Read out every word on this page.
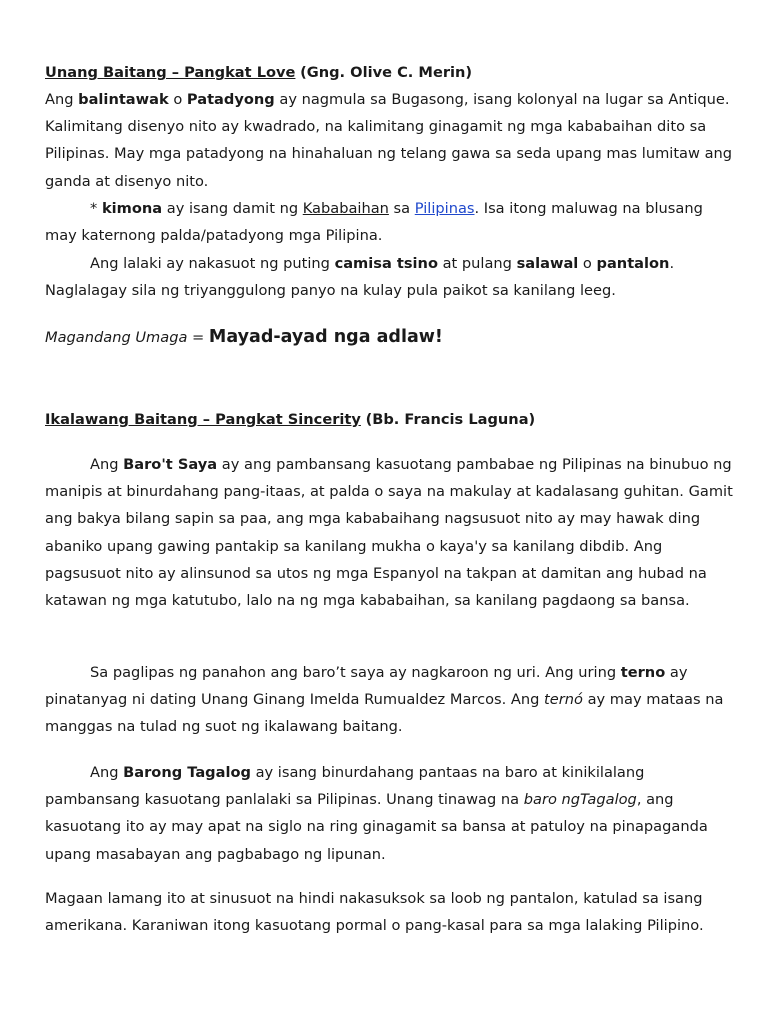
Unang Baitang – Pangkat Love (Gng. Olive C. Merin)

Ang balintawak o Patadyong ay nagmula sa Bugasong, isang kolonyal na lugar sa Antique. Kalimitang disenyo nito ay kwadrado, na kalimitang ginagamit ng mga kababaihan dito sa Pilipinas. May mga patadyong na hinahaluan ng telang gawa sa seda upang mas lumitaw ang ganda at disenyo nito.

* kimona ay isang damit ng Kababaihan sa Pilipinas. Isa itong maluwag na blusang may katernong palda/patadyong mga Pilipina.

Ang lalaki ay nakasuot ng puting camisa tsino at pulang salawal o pantalon. Naglalagay sila ng triyanggulong panyo na kulay pula paikot sa kanilang leeg.

Magandang Umaga = Mayad-ayad nga adlaw!

Ikalawang Baitang – Pangkat Sincerity (Bb. Francis Laguna)

Ang Baro't Saya ay ang pambansang kasuotang pambabae ng Pilipinas na binubuo ng manipis at binurdahang pang-itaas, at palda o saya na makulay at kadalasang guhitan. Gamit ang bakya bilang sapin sa paa, ang mga kababaihang nagsusuot nito ay may hawak ding abaniko upang gawing pantakip sa kanilang mukha o kaya'y sa kanilang dibdib. Ang pagsusuot nito ay alinsunod sa utos ng mga Espanyol na takpan at damitan ang hubad na katawan ng mga katutubo, lalo na ng mga kababaihan, sa kanilang pagdaong sa bansa.

Sa paglipas ng panahon ang baro’t saya ay nagkaroon ng uri. Ang uring terno ay pinatanyag ni dating Unang Ginang Imelda Rumualdez Marcos. Ang ternó ay may mataas na manggas na tulad ng suot ng ikalawang baitang.

Ang Barong Tagalog ay isang binurdahang pantaas na baro at kinikilalang pambansang kasuotang panlalaki sa Pilipinas. Unang tinawag na baro ngTagalog, ang kasuotang ito ay may apat na siglo na ring ginagamit sa bansa at patuloy na pinapaganda upang masabayan ang pagbabago ng lipunan.

Magaan lamang ito at sinusuot na hindi nakasuksok sa loob ng pantalon, katulad sa isang amerikana. Karaniwan itong kasuotang pormal o pang-kasal para sa mga lalaking Pilipino.
